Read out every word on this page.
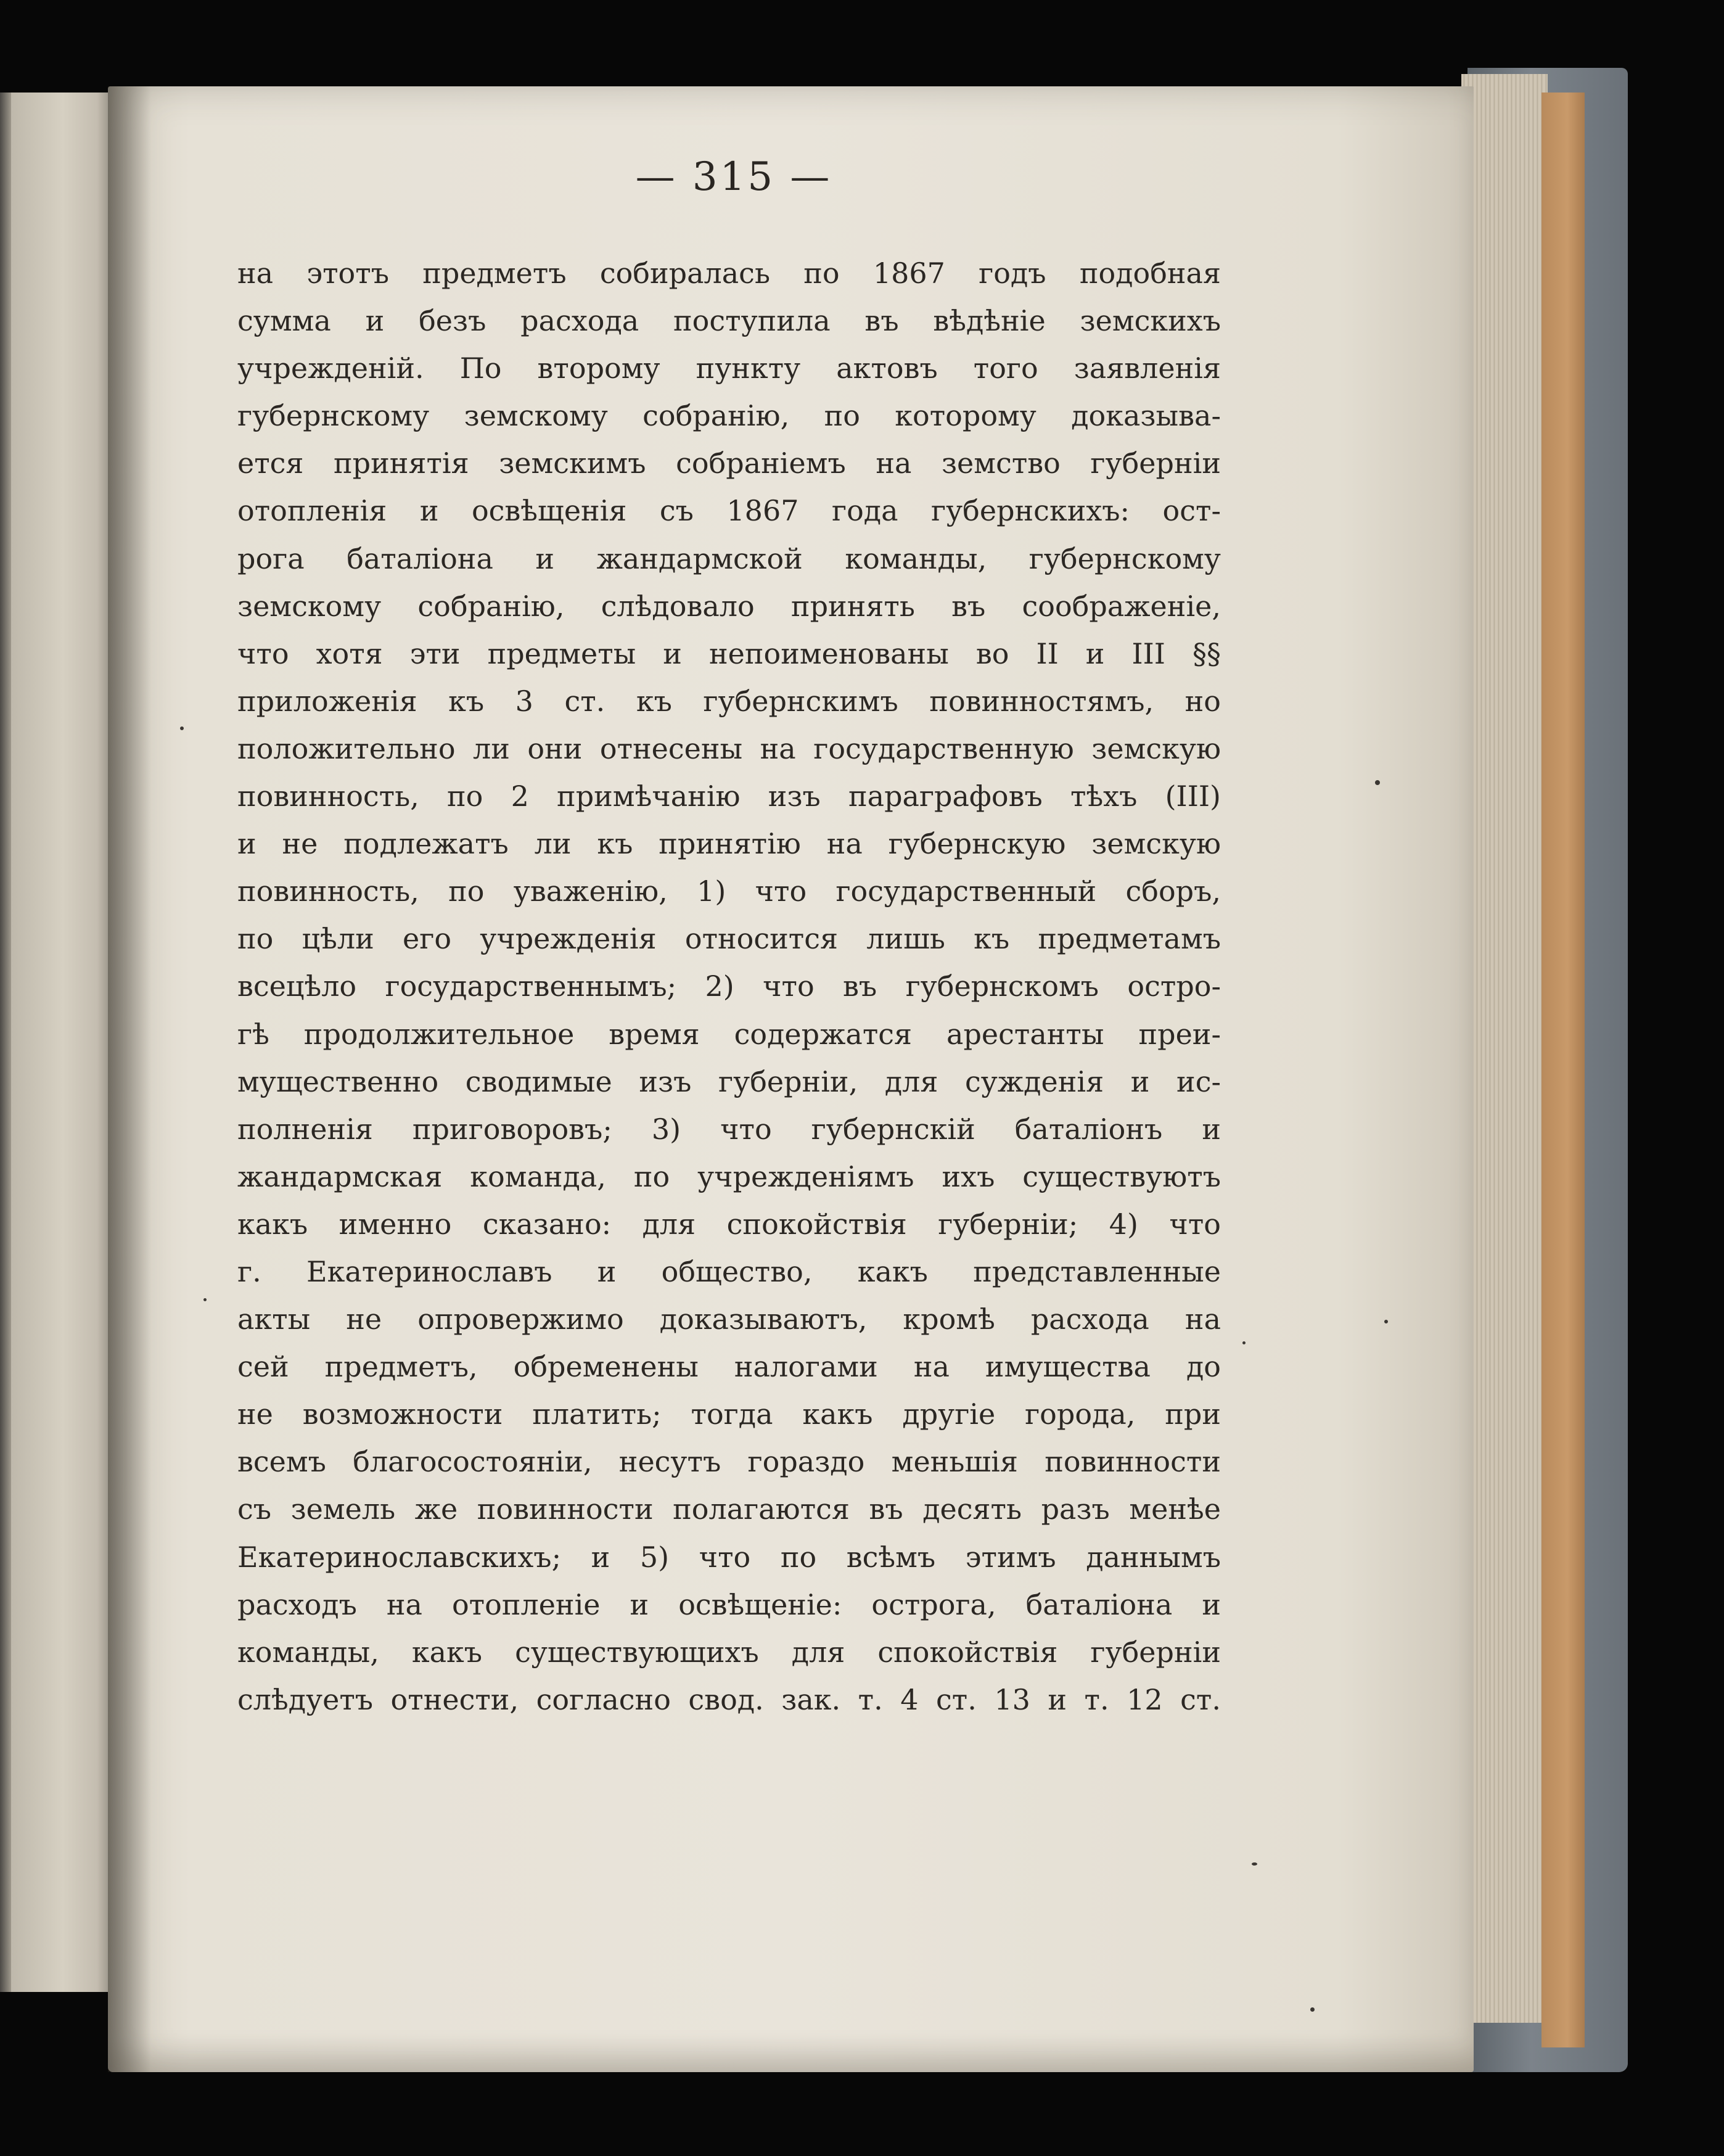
— 315 —
на этотъ предметъ собиралась по 1867 годъ подобная
сумма и безъ расхода поступила въ вѣдѣніе земскихъ
учрежденій. По второму пункту актовъ того заявленія
губернскому земскому собранію, по которому доказыва-
ется принятія земскимъ собраніемъ на земство губерніи
отопленія и освѣщенія съ 1867 года губернскихъ: ост-
рога баталіона и жандармской команды, губернскому
земскому собранію, слѣдовало принять въ соображеніе,
что хотя эти предметы и непоименованы во II и III §§
приложенія къ 3 ст. къ губернскимъ повинностямъ, но
положительно ли они отнесены на государственную земскую
повинность, по 2 примѣчанію изъ параграфовъ тѣхъ (III)
и не подлежатъ ли къ принятію на губернскую земскую
повинность, по уваженію, 1) что государственный сборъ,
по цѣли его учрежденія относится лишь къ предметамъ
всецѣло государственнымъ; 2) что въ губернскомъ остро-
гѣ продолжительное время содержатся арестанты преи-
мущественно сводимые изъ губерніи, для сужденія и ис-
полненія приговоровъ; 3) что губернскій баталіонъ и
жандармская команда, по учрежденіямъ ихъ существуютъ
какъ именно сказано: для спокойствія губерніи; 4) что
г. Екатеринославъ и общество, какъ представленные
акты не опровержимо доказываютъ, кромѣ расхода на
сей предметъ, обременены налогами на имущества до
не возможности платить; тогда какъ другіе города, при
всемъ благосостояніи, несутъ гораздо меньшія повинности
съ земель же повинности полагаются въ десять разъ менѣе
Екатеринославскихъ; и 5) что по всѣмъ этимъ даннымъ
расходъ на отопленіе и освѣщеніе: острога, баталіона и
команды, какъ существующихъ для спокойствія губерніи
слѣдуетъ отнести, согласно свод. зак. т. 4 ст. 13 и т. 12 ст.
